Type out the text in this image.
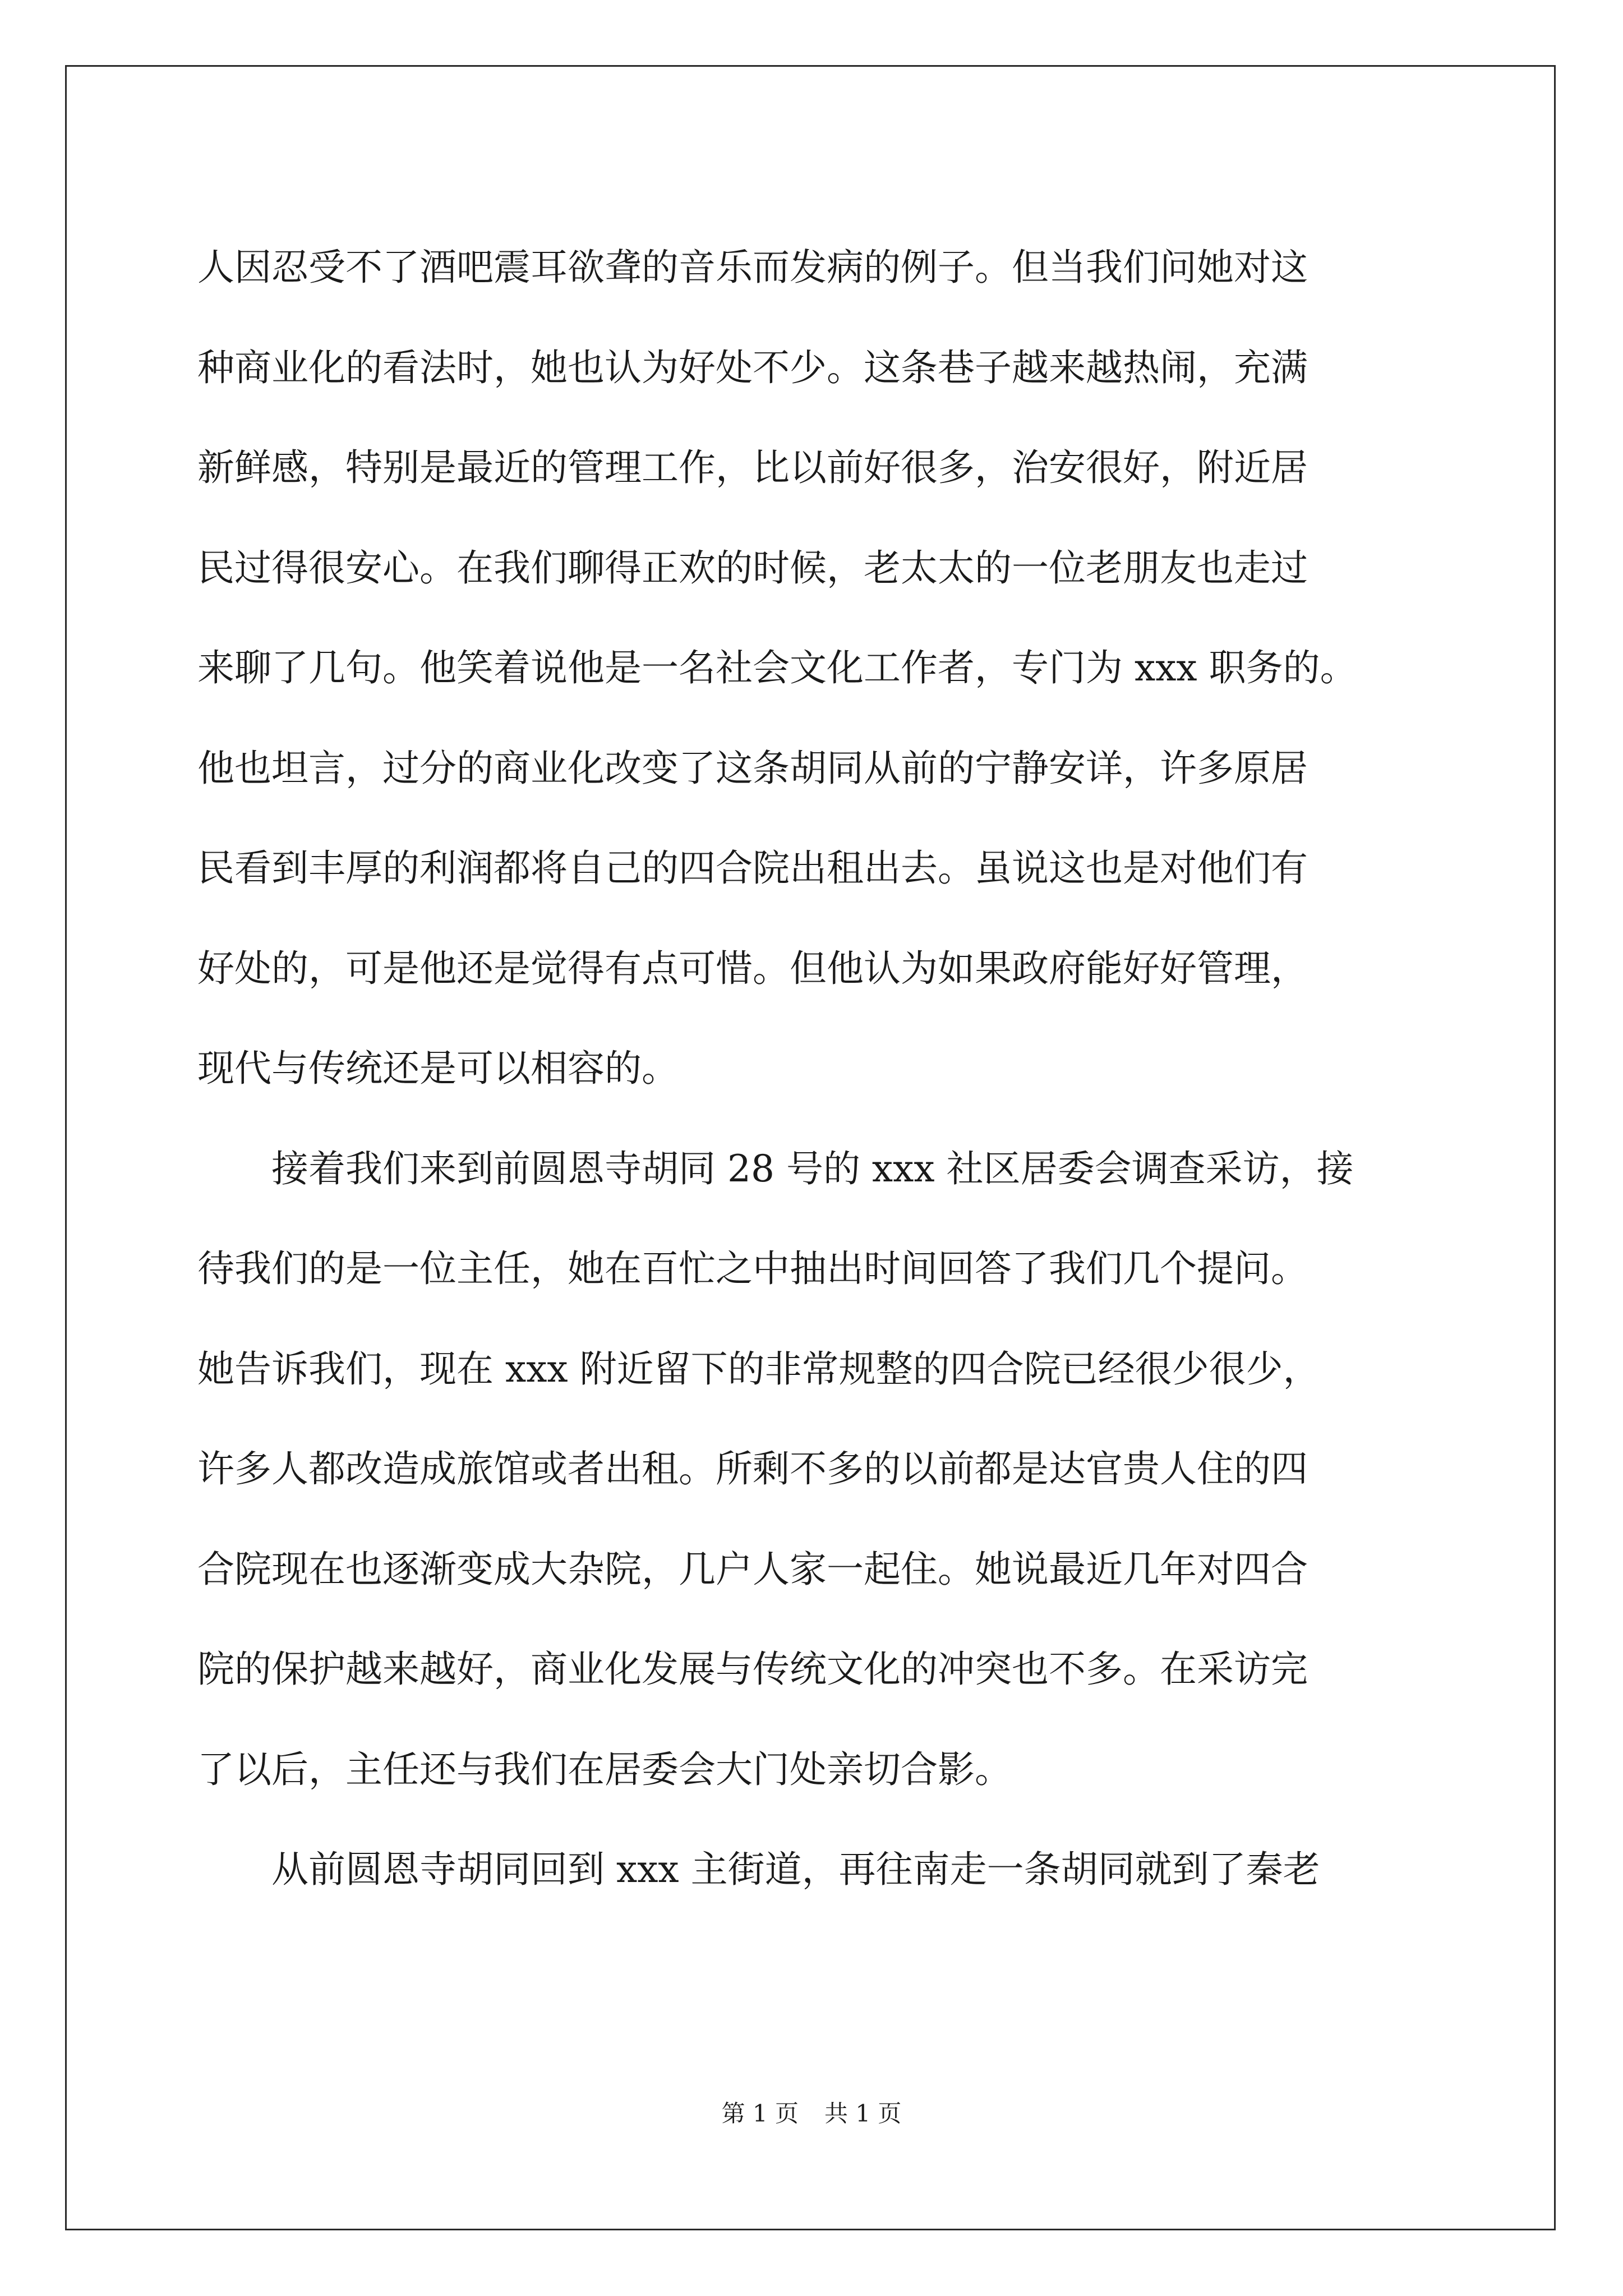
人因忍受不了酒吧震耳欲聋的音乐而发病的例子。但当我们问她对这
种商业化的看法时，她也认为好处不少。这条巷子越来越热闹，充满
新鲜感，特别是最近的管理工作，比以前好很多，治安很好，附近居
民过得很安心。在我们聊得正欢的时候，老太太的一位老朋友也走过
来聊了几句。他笑着说他是一名社会文化工作者，专门为 xxx 职务的。
他也坦言，过分的商业化改变了这条胡同从前的宁静安详，许多原居
民看到丰厚的利润都将自己的四合院出租出去。虽说这也是对他们有
好处的，可是他还是觉得有点可惜。但他认为如果政府能好好管理，
现代与传统还是可以相容的。
接着我们来到前圆恩寺胡同 28 号的 xxx 社区居委会调查采访，接
待我们的是一位主任，她在百忙之中抽出时间回答了我们几个提问。
她告诉我们，现在 xxx 附近留下的非常规整的四合院已经很少很少，
许多人都改造成旅馆或者出租。所剩不多的以前都是达官贵人住的四
合院现在也逐渐变成大杂院，几户人家一起住。她说最近几年对四合
院的保护越来越好，商业化发展与传统文化的冲突也不多。在采访完
了以后，主任还与我们在居委会大门处亲切合影。
从前圆恩寺胡同回到 xxx 主街道，再往南走一条胡同就到了秦老
第 1 页 共 1 页
